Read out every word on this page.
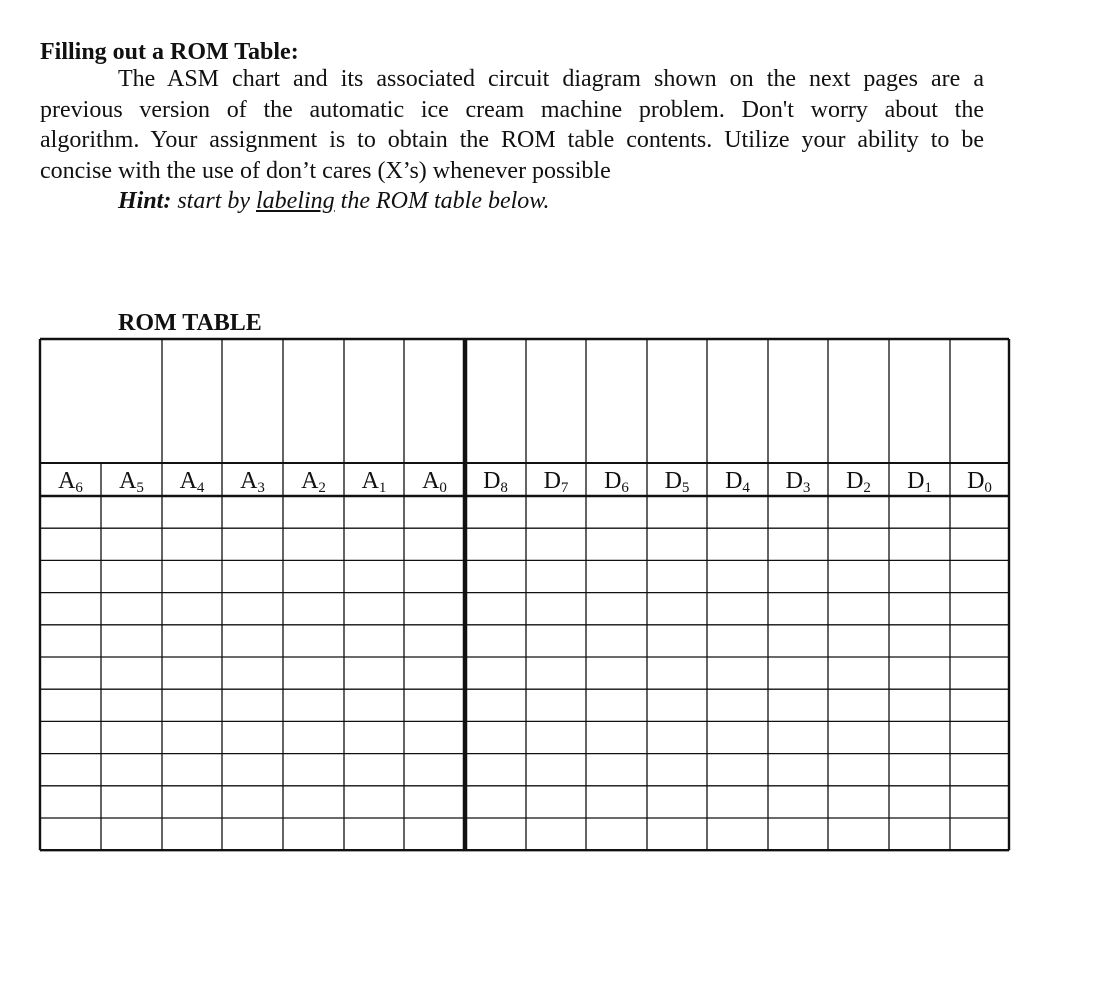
Filling out a ROM Table:
The ASM chart and its associated circuit diagram shown on the next pages are a
previous version of the automatic ice cream machine problem. Don't worry about the
algorithm. Your assignment is to obtain the ROM table contents. Utilize your ability to be
concise with the use of don’t cares (X’s) whenever possible
Hint: start by labeling the ROM table below.
ROM TABLE
A6 A5 A4 A3 A2 A1 A0 D8 D7 D6 D5 D4 D3 D2 D1 D0
